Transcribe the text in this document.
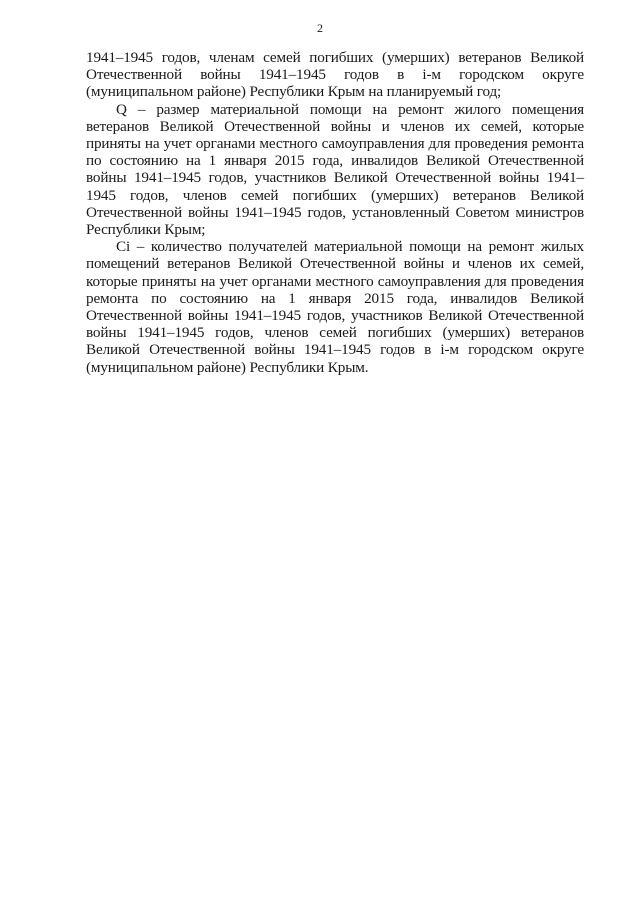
2

1941–1945 годов, членам семей погибших (умерших) ветеранов Великой Отечественной войны 1941–1945 годов в i-м городском округе (муниципальном районе) Республики Крым на планируемый год;

Q – размер материальной помощи на ремонт жилого помещения ветеранов Великой Отечественной войны и членов их семей, которые приняты на учет органами местного самоуправления для проведения ремонта по состоянию на 1 января 2015 года, инвалидов Великой Отечественной войны 1941–1945 годов, участников Великой Отечественной войны 1941– 1945 годов, членов семей погибших (умерших) ветеранов Великой Отечественной войны 1941–1945 годов, установленный Советом министров Республики Крым;

Ci – количество получателей материальной помощи на ремонт жилых помещений ветеранов Великой Отечественной войны и членов их семей, которые приняты на учет органами местного самоуправления для проведения ремонта по состоянию на 1 января 2015 года, инвалидов Великой Отечественной войны 1941–1945 годов, участников Великой Отечественной войны 1941–1945 годов, членов семей погибших (умерших) ветеранов Великой Отечественной войны 1941–1945 годов в i-м городском округе (муниципальном районе) Республики Крым.
